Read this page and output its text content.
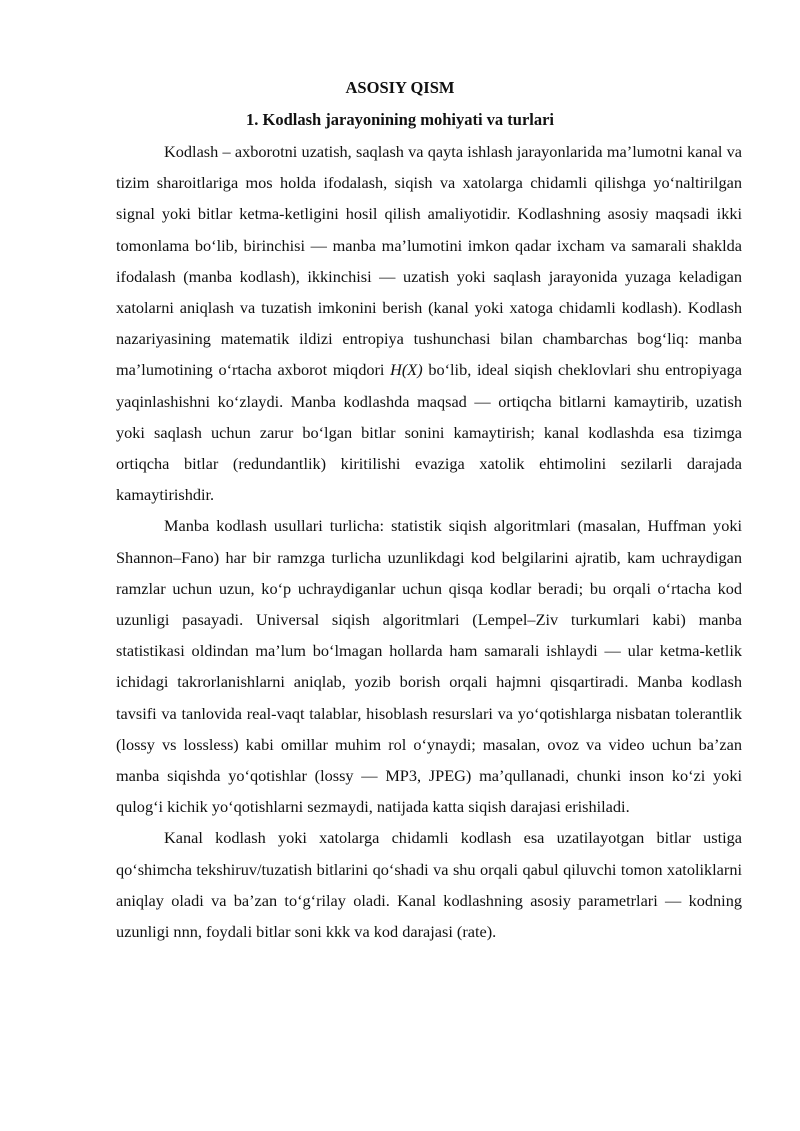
ASOSIY QISM
1. Kodlash jarayonining mohiyati va turlari

Kodlash – axborotni uzatish, saqlash va qayta ishlash jarayonlarida ma’lumotni kanal va tizim sharoitlariga mos holda ifodalash, siqish va xatolarga chidamli qilishga yo‘naltirilgan signal yoki bitlar ketma-ketligini hosil qilish amaliyotidir. Kodlashning asosiy maqsadi ikki tomonlama bo‘lib, birinchisi — manba ma’lumotini imkon qadar ixcham va samarali shaklda ifodalash (manba kodlash), ikkinchisi — uzatish yoki saqlash jarayonida yuzaga keladigan xatolarni aniqlash va tuzatish imkonini berish (kanal yoki xatoga chidamli kodlash). Kodlash nazariyasining matematik ildizi entropiya tushunchasi bilan chambarchas bog‘liq: manba ma’lumotining o‘rtacha axborot miqdori H(X) bo‘lib, ideal siqish cheklovlari shu entropiyaga yaqinlashishni ko‘zlaydi. Manba kodlashda maqsad — ortiqcha bitlarni kamaytirib, uzatish yoki saqlash uchun zarur bo‘lgan bitlar sonini kamaytirish; kanal kodlashda esa tizimga ortiqcha bitlar (redundantlik) kiritilishi evaziga xatolik ehtimolini sezilarli darajada kamaytirishdir.

Manba kodlash usullari turlicha: statistik siqish algoritmlari (masalan, Huffman yoki Shannon–Fano) har bir ramzga turlicha uzunlikdagi kod belgilarini ajratib, kam uchraydigan ramzlar uchun uzun, ko‘p uchraydiganlar uchun qisqa kodlar beradi; bu orqali o‘rtacha kod uzunligi pasayadi. Universal siqish algoritmlari (Lempel–Ziv turkumlari kabi) manba statistikasi oldindan ma’lum bo‘lmagan hollarda ham samarali ishlaydi — ular ketma-ketlik ichidagi takrorlanishlarni aniqlab, yozib borish orqali hajmni qisqartiradi. Manba kodlash tavsifi va tanlovida real-vaqt talablar, hisoblash resurslari va yo‘qotishlarga nisbatan tolerantlik (lossy vs lossless) kabi omillar muhim rol o‘ynaydi; masalan, ovoz va video uchun ba’zan manba siqishda yo‘qotishlar (lossy — MP3, JPEG) ma’qullanadi, chunki inson ko‘zi yoki qulog‘i kichik yo‘qotishlarni sezmaydi, natijada katta siqish darajasi erishiladi.

Kanal kodlash yoki xatolarga chidamli kodlash esa uzatilayotgan bitlar ustiga qo‘shimcha tekshiruv/tuzatish bitlarini qo‘shadi va shu orqali qabul qiluvchi tomon xatoliklarni aniqlay oladi va ba’zan to‘g‘rilay oladi. Kanal kodlashning asosiy parametrlari — kodning uzunligi nnn, foydali bitlar soni kkk va kod darajasi (rate).
